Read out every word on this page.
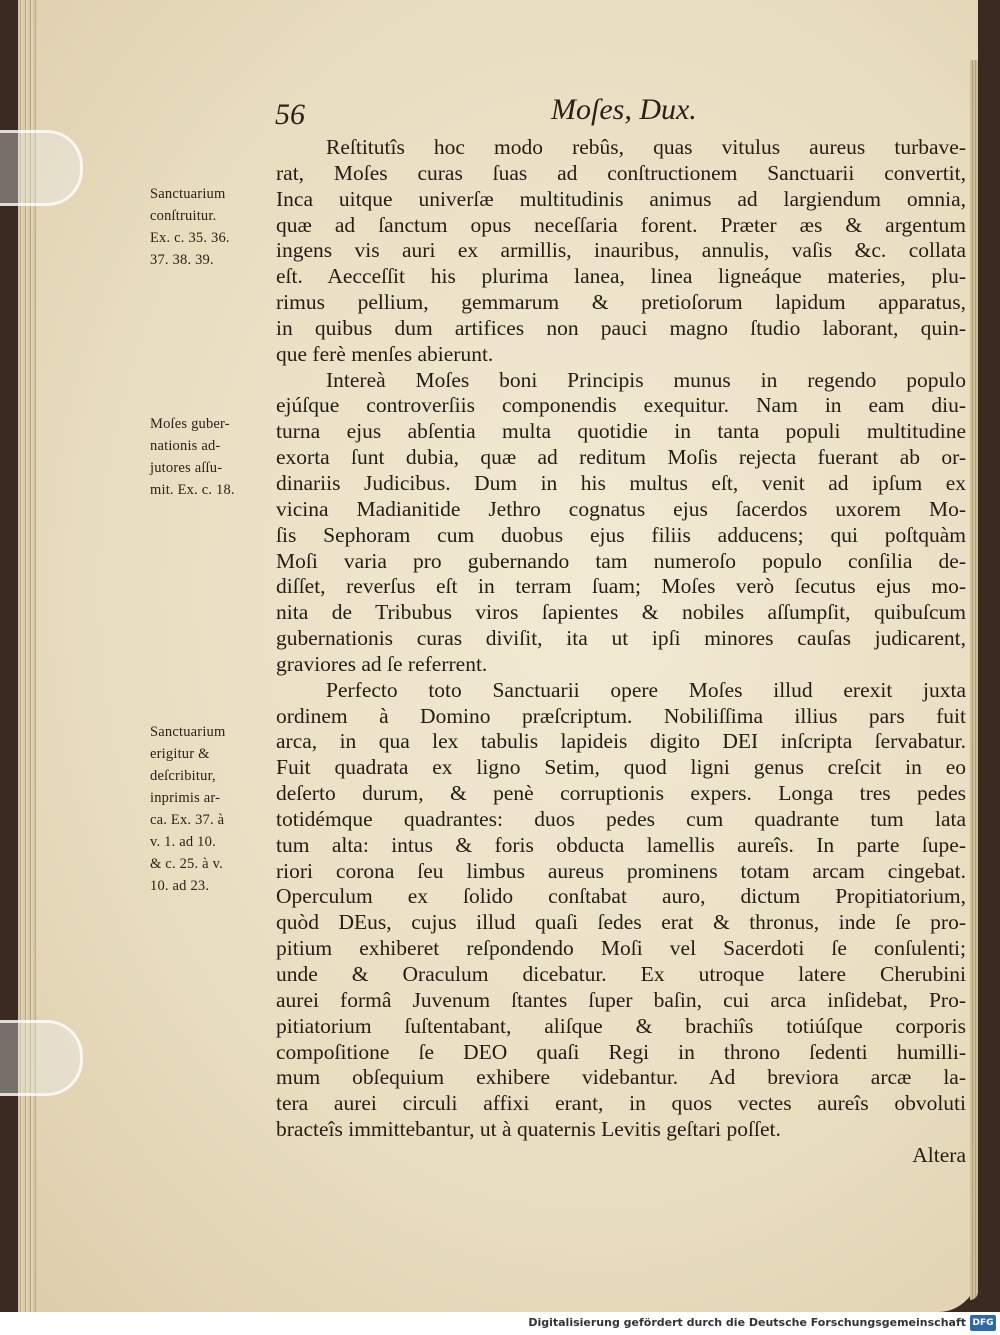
56	Moſes, Dux.
Sanctuarium
conſtruitur.
Ex. c. 35. 36.
37. 38. 39.
Moſes guber-
nationis ad-
jutores aſſu-
mit. Ex. c. 18.
Sanctuarium
erigitur &
deſcribitur,
inprimis ar-
ca. Ex. 37. à
v. 1. ad 10.
& c. 25. à v.
10. ad 23.
Reſtitutîs hoc modo rebûs, quas vitulus aureus turbave-
rat, Moſes curas ſuas ad conſtructionem Sanctuarii convertit,
Inca uitque univerſæ multitudinis animus ad largiendum omnia,
quæ ad ſanctum opus neceſſaria forent. Præter æs & argentum
ingens vis auri ex armillis, inauribus, annulis, vaſis &c. collata
eſt. Aecceſſit his plurima lanea, linea ligneáque materies, plu-
rimus pellium, gemmarum & pretioſorum lapidum apparatus,
in quibus dum artifices non pauci magno ſtudio laborant, quin-
que ferè menſes abierunt.
Intereà Moſes boni Principis munus in regendo populo
ejúſque controverſiis componendis exequitur. Nam in eam diu-
turna ejus abſentia multa quotidie in tanta populi multitudine
exorta ſunt dubia, quæ ad reditum Moſis rejecta fuerant ab or-
dinariis Judicibus. Dum in his multus eſt, venit ad ipſum ex
vicina Madianitide Jethro cognatus ejus ſacerdos uxorem Mo-
ſis Sephoram cum duobus ejus filiis adducens; qui poſtquàm
Moſi varia pro gubernando tam numeroſo populo conſilia de-
diſſet, reverſus eſt in terram ſuam; Moſes verò ſecutus ejus mo-
nita de Tribubus viros ſapientes & nobiles aſſumpſit, quibuſcum
gubernationis curas diviſit, ita ut ipſi minores cauſas judicarent,
graviores ad ſe referrent.
Perfecto toto Sanctuarii opere Moſes illud erexit juxta
ordinem à Domino præſcriptum. Nobiliſſima illius pars fuit
arca, in qua lex tabulis lapideis digito DEI inſcripta ſervabatur.
Fuit quadrata ex ligno Setim, quod ligni genus creſcit in eo
deſerto durum, & penè corruptionis expers. Longa tres pedes
totidémque quadrantes: duos pedes cum quadrante tum lata
tum alta: intus & foris obducta lamellis aureîs. In parte ſupe-
riori corona ſeu limbus aureus prominens totam arcam cingebat.
Operculum ex ſolido conſtabat auro, dictum Propitiatorium,
quòd DEus, cujus illud quaſi ſedes erat & thronus, inde ſe pro-
pitium exhiberet reſpondendo Moſi vel Sacerdoti ſe conſulenti;
unde & Oraculum dicebatur. Ex utroque latere Cherubini
aurei formâ Juvenum ſtantes ſuper baſin, cui arca inſidebat, Pro-
pitiatorium ſuſtentabant, aliſque & brachiîs totiúſque corporis
compoſitione ſe DEO quaſi Regi in throno ſedenti humilli-
mum obſequium exhibere videbantur. Ad breviora arcæ la-
tera aurei circuli affixi erant, in quos vectes aureîs obvoluti
bracteîs immittebantur, ut à quaternis Levitis geſtari poſſet.
Altera
Digitalisierung gefördert durch die Deutsche Forschungsgemeinschaft DFG
